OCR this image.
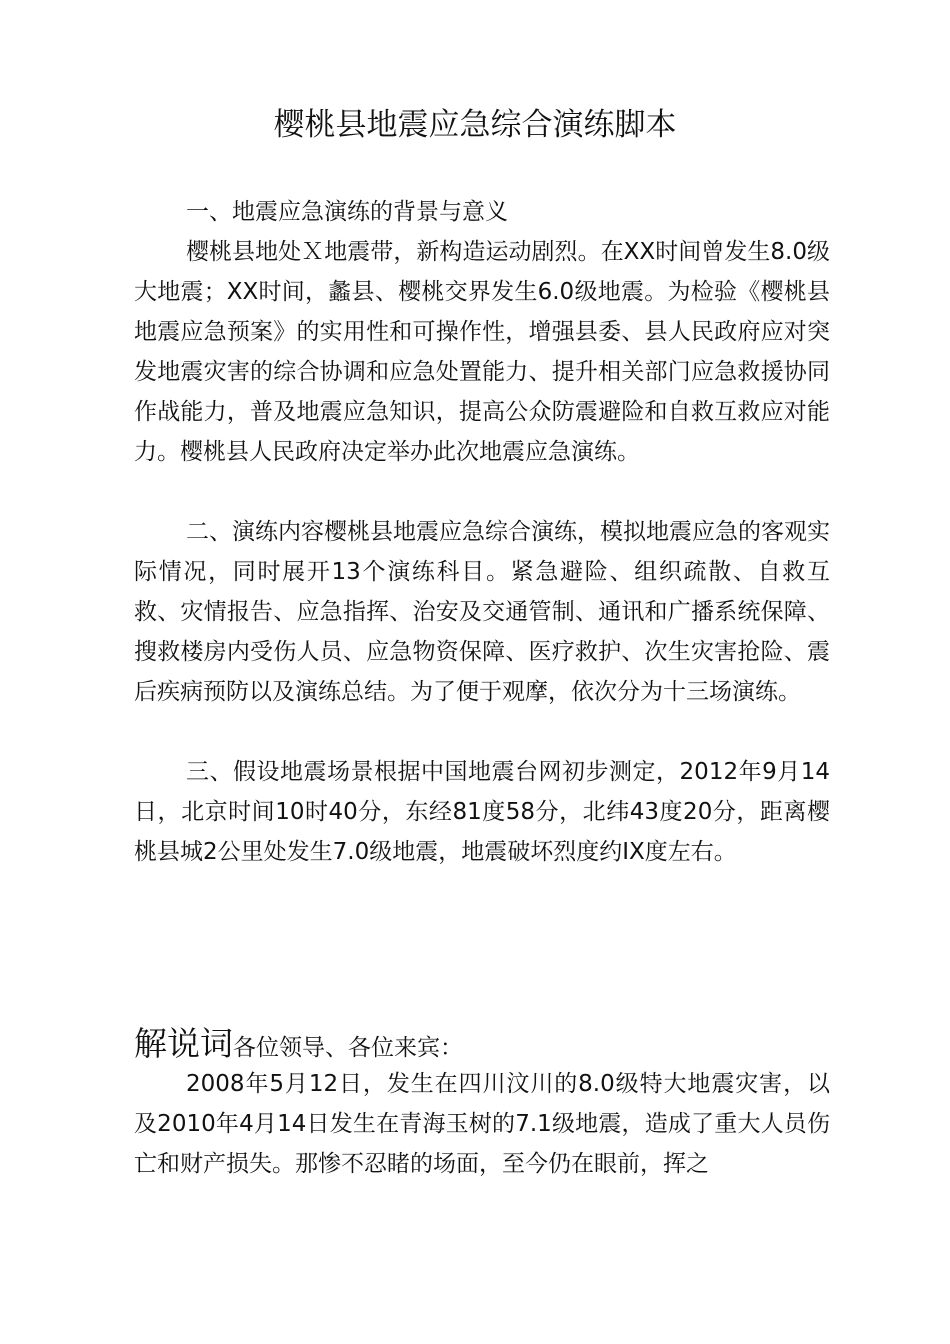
樱桃县地震应急综合演练脚本

一、地震应急演练的背景与意义

樱桃县地处Ｘ地震带，新构造运动剧烈。在XX时间曾发生8.0级大地震；XX时间，蠡县、樱桃交界发生6.0级地震。为检验《樱桃县地震应急预案》的实用性和可操作性，增强县委、县人民政府应对突发地震灾害的综合协调和应急处置能力、提升相关部门应急救援协同作战能力，普及地震应急知识，提高公众防震避险和自救互救应对能力。樱桃县人民政府决定举办此次地震应急演练。

二、演练内容樱桃县地震应急综合演练，模拟地震应急的客观实际情况，同时展开13个演练科目。紧急避险、组织疏散、自救互救、灾情报告、应急指挥、治安及交通管制、通讯和广播系统保障、搜救楼房内受伤人员、应急物资保障、医疗救护、次生灾害抢险、震后疾病预防以及演练总结。为了便于观摩，依次分为十三场演练。

三、假设地震场景根据中国地震台网初步测定，2012年9月14日，北京时间10时40分，东经81度58分，北纬43度20分，距离樱桃县城2公里处发生7.0级地震，地震破坏烈度约IX度左右。

解说词各位领导、各位来宾：

2008年5月12日，发生在四川汶川的8.0级特大地震灾害，以及2010年4月14日发生在青海玉树的7.1级地震，造成了重大人员伤亡和财产损失。那惨不忍睹的场面，至今仍在眼前，挥之
